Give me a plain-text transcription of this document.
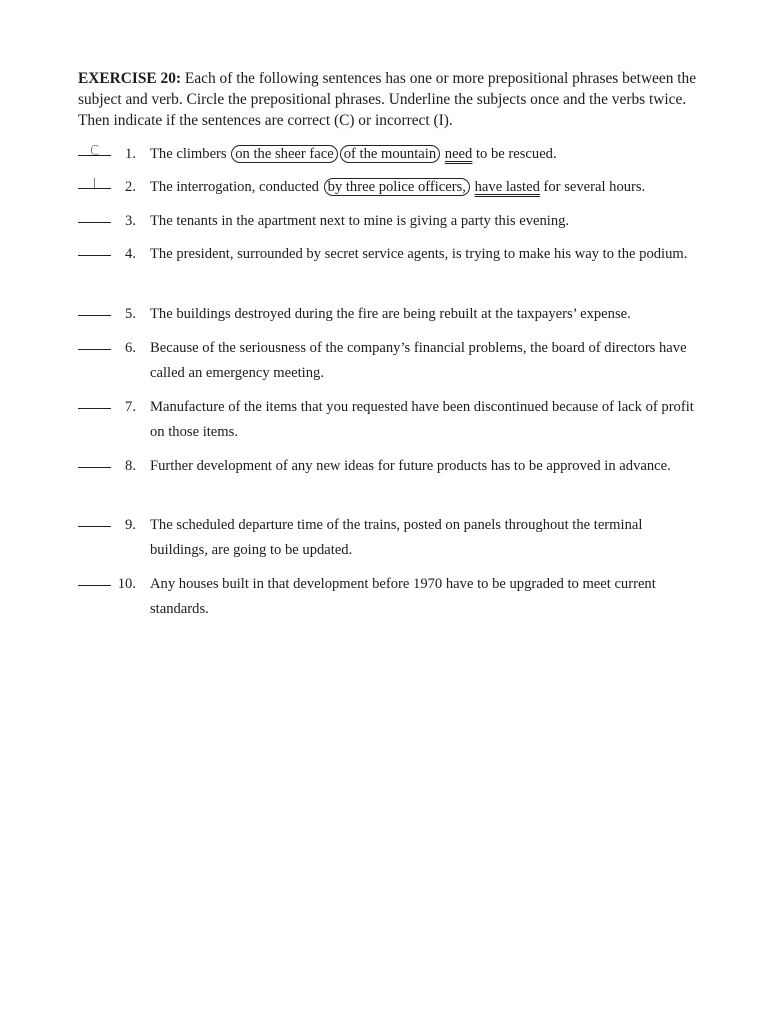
EXERCISE 20: Each of the following sentences has one or more prepositional phrases between the subject and verb. Circle the prepositional phrases. Underline the subjects once and the verbs twice. Then indicate if the sentences are correct (C) or incorrect (I).

C	1. The climbers on the sheer face of the mountain need to be rescued.
I	2. The interrogation, conducted by three police officers, have lasted for several hours.
3. The tenants in the apartment next to mine is giving a party this evening.
4. The president, surrounded by secret service agents, is trying to make his way to the podium.
5. The buildings destroyed during the fire are being rebuilt at the taxpayers’ expense.
6. Because of the seriousness of the company’s financial problems, the board of directors have called an emergency meeting.
7. Manufacture of the items that you requested have been discontinued because of lack of profit on those items.
8. Further development of any new ideas for future products has to be approved in advance.
9. The scheduled departure time of the trains, posted on panels throughout the terminal buildings, are going to be updated.
10. Any houses built in that development before 1970 have to be upgraded to meet current standards.
